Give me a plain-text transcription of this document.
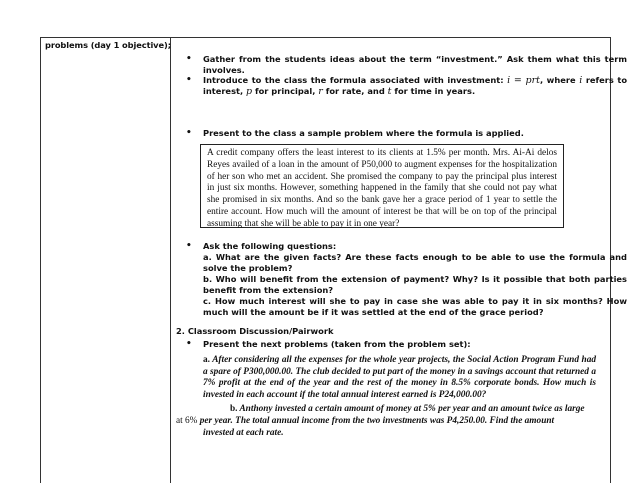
problems (day 1 objective);
• Gather from the students ideas about the term “investment.” Ask them what this term involves.
• Introduce to the class the formula associated with investment: i = prt, where i refers to interest, p for principal, r for rate, and t for time in years.
• Present to the class a sample problem where the formula is applied.
A credit company offers the least interest to its clients at 1.5% per month. Mrs. Ai-Ai delos Reyes availed of a loan in the amount of P50,000 to augment expenses for the hospitalization of her son who met an accident. She promised the company to pay the principal plus interest in just six months. However, something happened in the family that she could not pay what she promised in six months. And so the bank gave her a grace period of 1 year to settle the entire account. How much will the amount of interest be that will be on top of the principal assuming that she will be able to pay it in one year?
• Ask the following questions:
a. What are the given facts? Are these facts enough to be able to use the formula and solve the problem?
b. Who will benefit from the extension of payment? Why? Is it possible that both parties benefit from the extension?
c. How much interest will she to pay in case she was able to pay it in six months? How much will the amount be if it was settled at the end of the grace period?
2. Classroom Discussion/Pairwork
• Present the next problems (taken from the problem set):
a. After considering all the expenses for the whole year projects, the Social Action Program Fund had a spare of P300,000.00. The club decided to put part of the money in a savings account that returned a 7% profit at the end of the year and the rest of the money in 8.5% corporate bonds. How much is invested in each account if the total annual interest earned is P24,000.00?
b. Anthony invested a certain amount of money at 5% per year and an amount twice as large
at 6% per year. The total annual income from the two investments was P4,250.00. Find the amount
invested at each rate.
